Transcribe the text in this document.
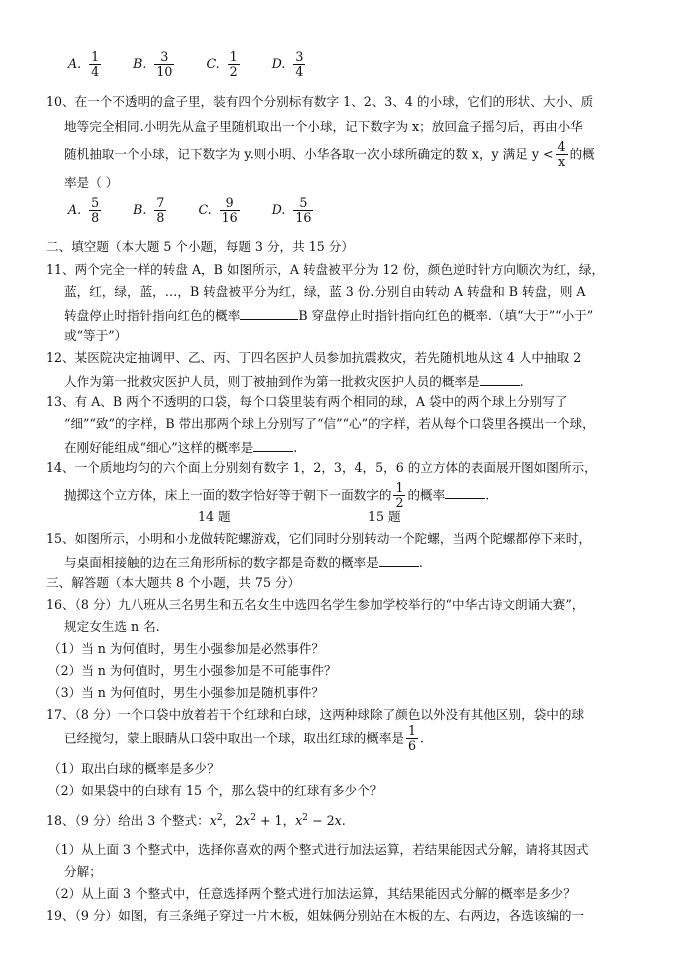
A. $\frac{1}{4}$	B. $\frac{3}{10}$	C. $\frac{1}{2}$	D. $\frac{3}{4}$
10、在一个不透明的盒子里，装有四个分别标有数字 1、2、3、4 的小球，它们的形状、大小、质
地等完全相同.小明先从盒子里随机取出一个小球，记下数字为 x；放回盒子摇匀后，再由小华
随机抽取一个小球，记下数字为 y.则小明、小华各取一次小球所确定的数 x，y 满足 $y < \frac{4}{x}$ 的概
率是（ ）
A. $\frac{5}{8}$	B. $\frac{7}{8}$	C. $\frac{9}{16}$	D. $\frac{5}{16}$
二、填空题（本大题 5 个小题，每题 3 分，共 15 分）
11、两个完全一样的转盘 A，B 如图所示，A 转盘被平分为 12 份，颜色逆时针方向顺次为红，绿，
蓝，红，绿，蓝，…，B 转盘被平分为红，绿，蓝 3 份.分别自由转动 A 转盘和 B 转盘，则 A
转盘停止时指针指向红色的概率	B 穿盘停止时指针指向红色的概率.（填“大于”“小于”
或“等于”）
12、某医院决定抽调甲、乙、丙、丁四名医护人员参加抗震救灾，若先随机地从这 4 人中抽取 2
人作为第一批救灾医护人员，则丁被抽到作为第一批救灾医护人员的概率是	.
13、有 A、B 两个不透明的口袋，每个口袋里装有两个相同的球，A 袋中的两个球上分别写了
“细”“致”的字样，B 带出那两个球上分别写了“信”“心”的字样，若从每个口袋里各摸出一个球，
在刚好能组成“细心”这样的概率是	.
14、一个质地均匀的六个面上分别刻有数字 1，2，3，4，5，6 的立方体的表面展开图如图所示，
抛掷这个立方体，床上一面的数字恰好等于朝下一面数字的 $\frac{1}{2}$ 的概率	.
14 题	15 题
15、如图所示，小明和小龙做转陀螺游戏，它们同时分别转动一个陀螺，当两个陀螺都停下来时，
与桌面相接触的边在三角形所标的数字都是奇数的概率是	.
三、解答题（本大题共 8 个小题，共 75 分）
16、（8 分）九八班从三名男生和五名女生中选四名学生参加学校举行的“中华古诗文朗诵大赛”，
规定女生选 n 名.
（1）当 n 为何值时，男生小强参加是必然事件？
（2）当 n 为何值时，男生小强参加是不可能事件？
（3）当 n 为何值时，男生小强参加是随机事件？
17、（8 分）一个口袋中放着若干个红球和白球，这两种球除了颜色以外没有其他区别，袋中的球
已经搅匀，蒙上眼睛从口袋中取出一个球，取出红球的概率是 $\frac{1}{6}$ .
（1）取出白球的概率是多少？
（2）如果袋中的白球有 15 个，那么袋中的红球有多少个？
18、（9 分）给出 3 个整式：$x^2$，$2x^2 + 1$，$x^2 - 2x$.
（1）从上面 3 个整式中，选择你喜欢的两个整式进行加法运算，若结果能因式分解，请将其因式
分解；
（2）从上面 3 个整式中，任意选择两个整式进行加法运算，其结果能因式分解的概率是多少？
19、（9 分）如图，有三条绳子穿过一片木板，姐妹俩分别站在木板的左、右两边，各选该编的一
